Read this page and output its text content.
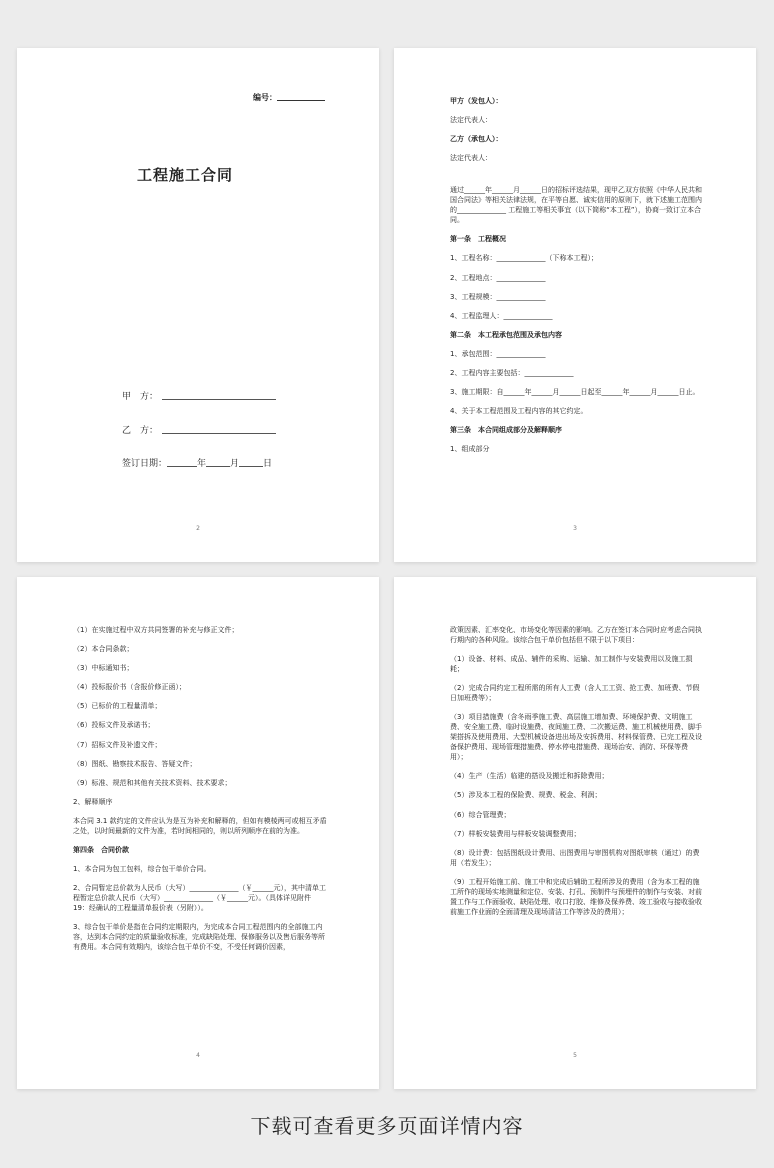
编号：
工程施工合同
甲　方：
乙　方：
签订日期：	年	月	日
2

甲方（发包人）：

法定代表人：

乙方（承包人）：

法定代表人：

通过______年______月______日的招标评选结果，现甲乙双方依照《中华人民共和国合同法》等相关法律法规，在平等自愿、诚实信用的原则下，就下述施工范围内的______________ 工程施工等相关事宜（以下简称“本工程”），协商一致订立本合同。

第一条　工程概况

1、工程名称：______________（下称本工程）；

2、工程地点：______________

3、工程规模：______________

4、工程监理人：______________

第二条　本工程承包范围及承包内容

1、承包范围：______________

2、工程内容主要包括：______________

3、施工期限：自______年______月______日起至______年______月______日止。

4、关于本工程范围及工程内容的其它约定。

第三条　本合同组成部分及解释顺序

1、组成部分

3

（1）在实施过程中双方共同签署的补充与修正文件；

（2）本合同条款；

（3）中标通知书；

（4）投标报价书（含报价修正函）；

（5）已标价的工程量清单；

（6）投标文件及承诺书；

（7）招标文件及补遗文件；

（8）图纸、勘察技术报告、答疑文件；

（9）标准、规范和其他有关技术资料、技术要求；

2、解释顺序

本合同 3.1 款约定的文件应认为是互为补充和解释的，但如有模棱两可或相互矛盾之处，以时间最新的文件为准，若时间相同的，则以所列顺序在前的为准。

第四条　合同价款

1、本合同为包工包料，综合包干单价合同。

2、合同暂定总价款为人民币（大写）______________（￥______元），其中清单工程暂定总价款人民币（大写）______________（￥______元）。（具体详见附件 19：经确认的工程量清单报价表（另附））。

3、综合包干单价是指在合同约定期限内，为完成本合同工程范围内的全部施工内容，达到本合同约定的质量验收标准，完成缺陷处理、保修服务以及售后服务等所有费用。本合同有效期内，该综合包干单价不变，不受任何调价因素，

4

政策因素、汇率变化、市场变化等因素的影响。乙方在签订本合同时应考虑合同执行期内的各种风险。该综合包干单价包括但不限于以下项目：

（1）设备、材料、成品、辅件的采购、运输、加工制作与安装费用以及施工损耗；

（2）完成合同约定工程所需的所有人工费（含人工工资、抢工费、加班费、节假日加班费等）；

（3）项目措施费（含冬雨季施工费、高层施工增加费、环境保护费、文明施工费、安全施工费、临时设施费、夜间施工费、二次搬运费、施工机械使用费、脚手架搭拆及使用费用、大型机械设备进出场及安拆费用、材料保管费、已完工程及设备保护费用、现场管理措施费、停水停电措施费、现场治安、消防、环保等费用）；

（4）生产（生活）临建的搭设及搬迁和拆除费用；

（5）涉及本工程的保险费、规费、税金、利润；

（6）综合管理费；

（7）样板安装费用与样板安装调整费用；

（8）设计费：包括图纸设计费用、出图费用与审图机构对图纸审核（通过）的费用（若发生）；

（9）工程开始施工前、施工中和完成后辅助工程所涉及的费用（含为本工程的施工所作的现场实地测量和定位、安装、打孔、预制件与预埋件的制作与安装、对前置工作与工作面验收、缺陷处理、收口打胶、维修及保养费、竣工验收与接收验收前施工作业面的全面清理及现场清洁工作等涉及的费用）；

5
下载可查看更多页面详情内容
